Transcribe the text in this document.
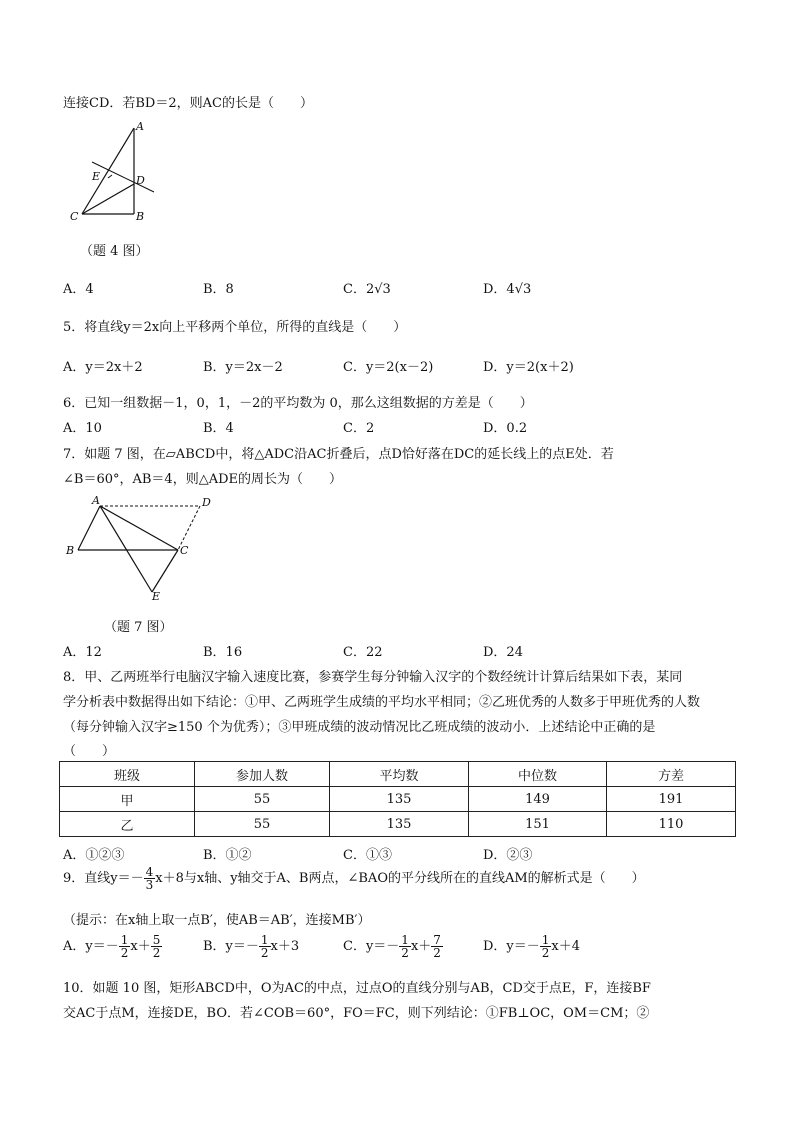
连接CD．若BD＝2，则AC的长是（　　）
A
E	D
C	B
（题 4 图）
A．4	B．8	C．2√3	D．4√3
5．将直线y＝2x向上平移两个单位，所得的直线是（　　）
A．y＝2x＋2	B．y＝2x－2	C．y＝2(x－2)	D．y＝2(x＋2)
6．已知一组数据－1，0，1，－2的平均数为 0，那么这组数据的方差是（　　）
A．10	B．4	C．2	D．0.2
7．如题 7 图，在▱ABCD中，将△ADC沿AC折叠后，点D恰好落在DC的延长线上的点E处．若
∠B＝60°，AB＝4，则△ADE的周长为（　　）
A	D
B	C
E
（题 7 图）
A．12	B．16	C．22	D．24
8．甲、乙两班举行电脑汉字输入速度比赛，参赛学生每分钟输入汉字的个数经统计计算后结果如下表，某同
学分析表中数据得出如下结论：①甲、乙两班学生成绩的平均水平相同；②乙班优秀的人数多于甲班优秀的人数
（每分钟输入汉字≥150 个为优秀）；③甲班成绩的波动情况比乙班成绩的波动小．上述结论中正确的是
（　　）
班级	参加人数	平均数	中位数	方差
甲	55	135	149	191
乙	55	135	151	110
A．①②③	B．①②	C．①③	D．②③
9．直线$y=- \frac{4}{3} x+8$与x轴、y轴交于A、B两点，∠BAO的平分线所在的直线AM的解析式是（　　）
（提示：在x轴上取一点B′，使AB＝AB′，连接MB′）
A．$y=- \frac{1}{2} x+ \frac{5}{2}$	B．$y=- \frac{1}{2} x+3$	C．$y=- \frac{1}{2} x+ \frac{7}{2}$	D．$y=- \frac{1}{2} x+4$
10．如题 10 图，矩形ABCD中，O为AC的中点，过点O的直线分别与AB，CD交于点E，F，连接BF
交AC于点M，连接DE，BO．若∠COB＝60°，FO＝FC，则下列结论：①FB⊥OC，OM＝CM；②
